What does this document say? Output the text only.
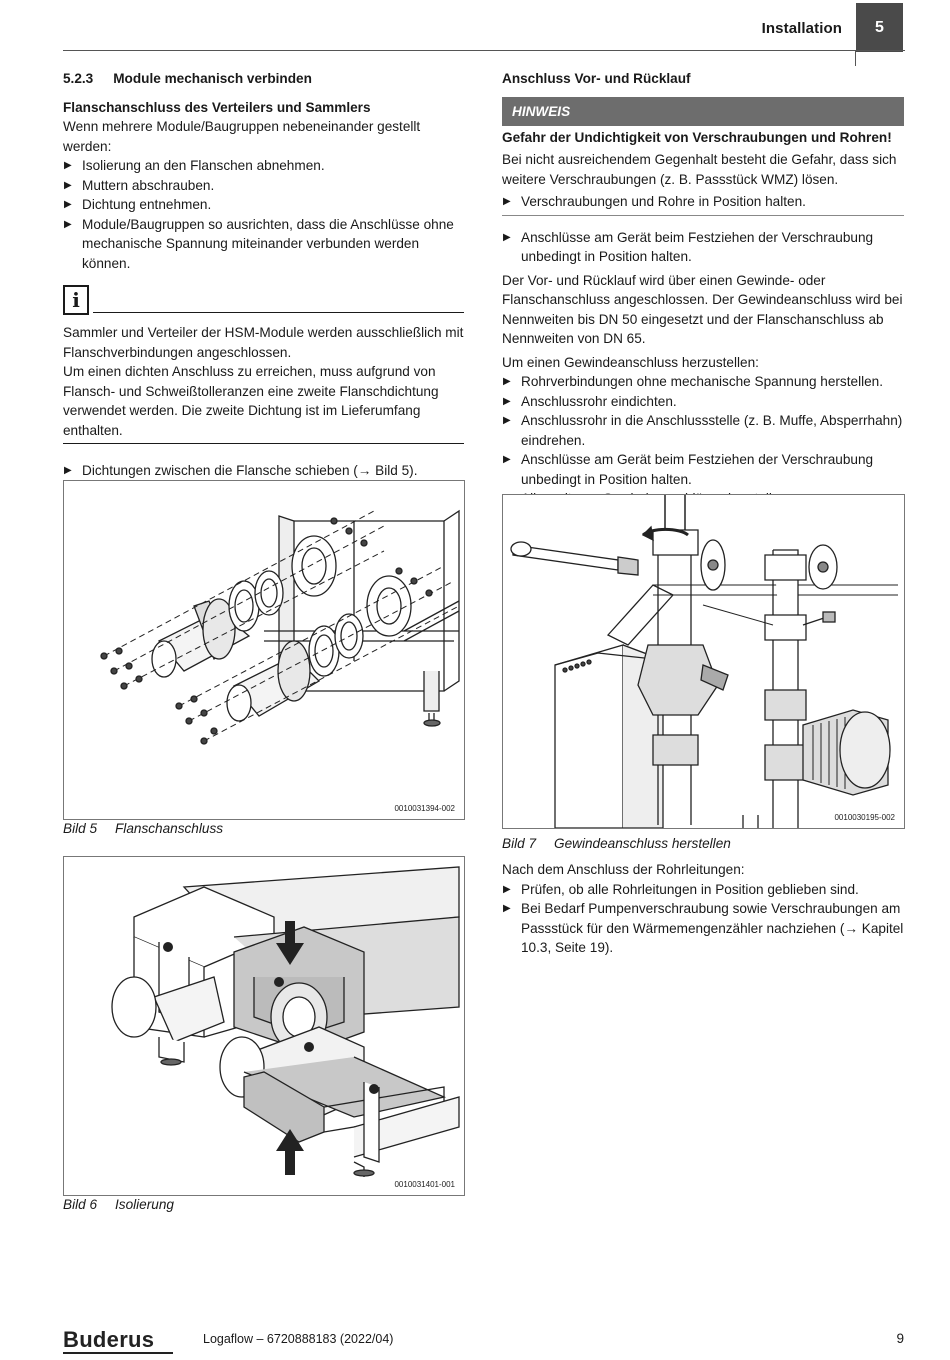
Installation	5
5.2.3 Module mechanisch verbinden

Flanschanschluss des Verteilers und Sammlers

Wenn mehrere Module/Baugruppen nebeneinander gestellt werden:

▶ Isolierung an den Flanschen abnehmen.
▶ Muttern abschrauben.
▶ Dichtung entnehmen.
▶ Module/Baugruppen so ausrichten, dass die Anschlüsse ohne mechanische Spannung miteinander verbunden werden können.
i

Sammler und Verteiler der HSM-Module werden ausschließlich mit Flanschverbindungen angeschlossen.

Um einen dichten Anschluss zu erreichen, muss aufgrund von Flansch- und Schweißtolleranzen eine zweite Flanschdichtung verwendet werden. Die zweite Dichtung ist im Lieferumfang enthalten.

▶ Dichtungen zwischen die Flansche schieben (→ Bild 5).
▶
▶
▶
0010031394-002
Bild 5	Flanschanschluss
0010031401-001
Bild 6	Isolierung

Anschluss Vor- und Rücklauf

HINWEIS

Gefahr der Undichtigkeit von Verschraubungen und Rohren!

Bei nicht ausreichendem Gegenhalt besteht die Gefahr, dass sich weitere Verschraubungen (z. B. Passstück WMZ) lösen.

▶ Verschraubungen und Rohre in Position halten.
▶ Anschlüsse am Gerät beim Festziehen der Verschraubung unbedingt in Position halten.

Der Vor- und Rücklauf wird über einen Gewinde- oder Flanschanschluss angeschlossen. Der Gewindeanschluss wird bei Nennweiten bis DN 50 eingesetzt und der Flanschanschluss ab Nennweiten von DN 65.

Um einen Gewindeanschluss herzustellen:

▶ Rohrverbindungen ohne mechanische Spannung herstellen.
▶ Anschlussrohr eindichten.
▶ Anschlussrohr in die Anschlussstelle (z. B. Muffe, Absperrhahn) eindrehen.
▶ Anschlüsse am Gerät beim Festziehen der Verschraubung unbedingt in Position halten.
▶
0010030195-002
Bild 7	Gewindeanschluss herstellen

Nach dem Anschluss der Rohrleitungen:

▶ Prüfen, ob alle Rohrleitungen in Position geblieben sind.
▶ Bei Bedarf Pumpenverschraubung sowie Verschraubungen am Passstück für den Wärmemengenzähler nachziehen (→ Kapitel 10.3, Seite 19).
Buderus	Logaflow – 6720888183 (2022/04)	9
